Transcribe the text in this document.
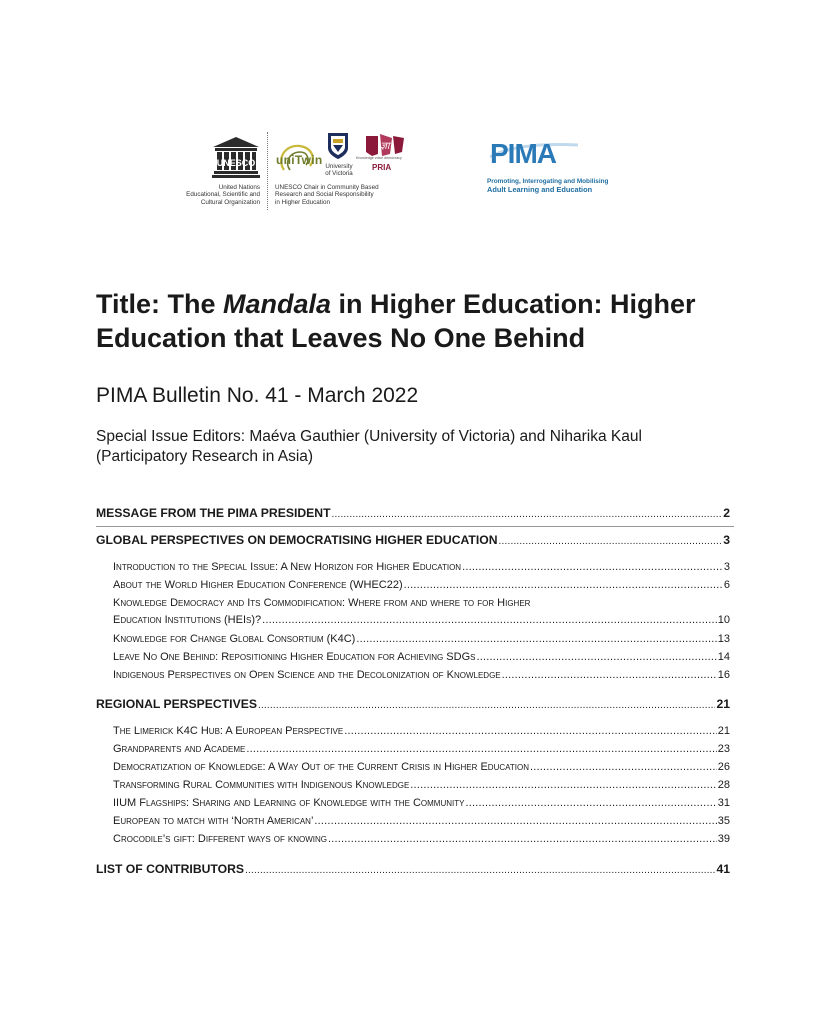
UNESCO
United Nations
Educational, Scientific and
Cultural Organization
uniTwin University
of Victoria
ज्ञा
Knowledge voice democracy
PRIA
UNESCO Chair in Community Based
Research and Social Responsibility
in Higher Education
PIMA
Promoting, Interrogating and Mobilising
Adult Learning and Education
Title: The Mandala in Higher Education: Higher Education that Leaves No One Behind

PIMA Bulletin No. 41 - March 2022

Special Issue Editors: Maéva Gauthier (University of Victoria) and Niharika Kaul (Participatory Research in Asia)

MESSAGE FROM THE PIMA PRESIDENT .....	2
GLOBAL PERSPECTIVES ON DEMOCRATISING HIGHER EDUCATION .....	3
Introduction to the Special Issue: A New Horizon for Higher Education .....	3
About the World Higher Education Conference (WHEC22) .....	6
Knowledge Democracy and Its Commodification: Where from and where to for Higher
Education Institutions (HEIs)? .....	10
Knowledge for Change Global Consortium (K4C) .....	13
Leave No One Behind: Repositioning Higher Education for Achieving SDGs .....	14
Indigenous Perspectives on Open Science and the Decolonization of Knowledge .....	16
REGIONAL PERSPECTIVES .....	21
The Limerick K4C Hub: A European Perspective .....	21
Grandparents and Academe .....	23
Democratization of Knowledge: A Way Out of the Current Crisis in Higher Education .....	26
Transforming Rural Communities with Indigenous Knowledge .....	28
IIUM Flagships: Sharing and Learning of Knowledge with the Community .....	31
European to match with ‘North American’ .....	35
Crocodile’s gift: Different ways of knowing .....	39
LIST OF CONTRIBUTORS .....	41
